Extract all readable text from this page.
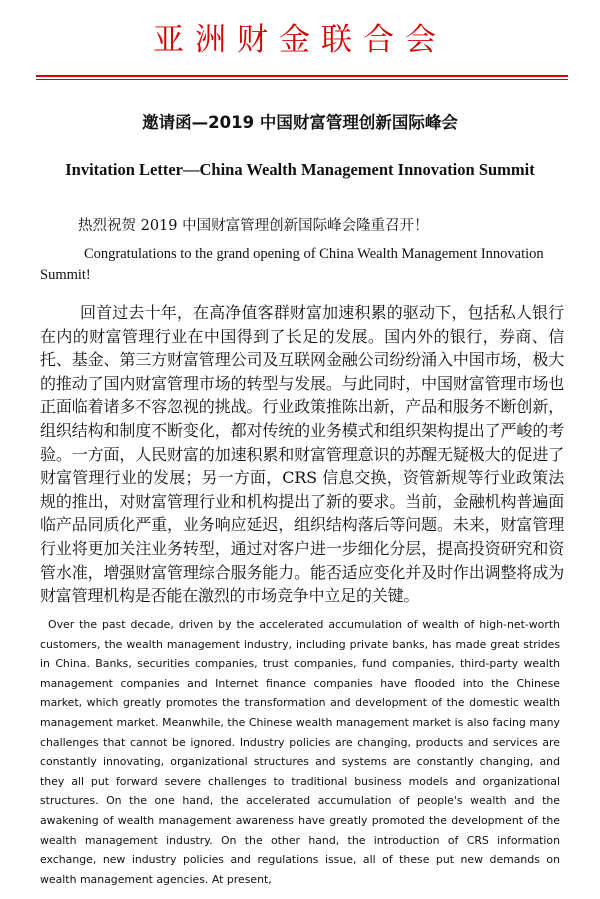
亚洲财金联合会
邀请函—2019 中国财富管理创新国际峰会
Invitation Letter—China Wealth Management Innovation Summit
热烈祝贺 2019 中国财富管理创新国际峰会隆重召开！
Congratulations to the grand opening of China Wealth Management Innovation Summit!

回首过去十年，在高净值客群财富加速积累的驱动下，包括私人银行在内的财富管理行业在中国得到了长足的发展。国内外的银行，券商、信托、基金、第三方财富管理公司及互联网金融公司纷纷涌入中国市场，极大的推动了国内财富管理市场的转型与发展。与此同时，中国财富管理市场也正面临着诸多不容忽视的挑战。行业政策推陈出新，产品和服务不断创新，组织结构和制度不断变化，都对传统的业务模式和组织架构提出了严峻的考验。一方面，人民财富的加速积累和财富管理意识的苏醒无疑极大的促进了财富管理行业的发展；另一方面，CRS 信息交换，资管新规等行业政策法规的推出，对财富管理行业和机构提出了新的要求。当前，金融机构普遍面临产品同质化严重，业务响应延迟，组织结构落后等问题。未来，财富管理行业将更加关注业务转型，通过对客户进一步细化分层，提高投资研究和资管水准，增强财富管理综合服务能力。能否适应变化并及时作出调整将成为财富管理机构是否能在激烈的市场竞争中立足的关键。

Over the past decade, driven by the accelerated accumulation of wealth of high-net-worth customers, the wealth management industry, including private banks, has made great strides in China. Banks, securities companies, trust companies, fund companies, third-party wealth management companies and Internet finance companies have flooded into the Chinese market, which greatly promotes the transformation and development of the domestic wealth management market. Meanwhile, the Chinese wealth management market is also facing many challenges that cannot be ignored. Industry policies are changing, products and services are constantly innovating, organizational structures and systems are constantly changing, and they all put forward severe challenges to traditional business models and organizational structures. On the one hand, the accelerated accumulation of people's wealth and the awakening of wealth management awareness have greatly promoted the development of the wealth management industry. On the other hand, the introduction of CRS information exchange, new industry policies and regulations issue, all of these put new demands on wealth management agencies. At present,
